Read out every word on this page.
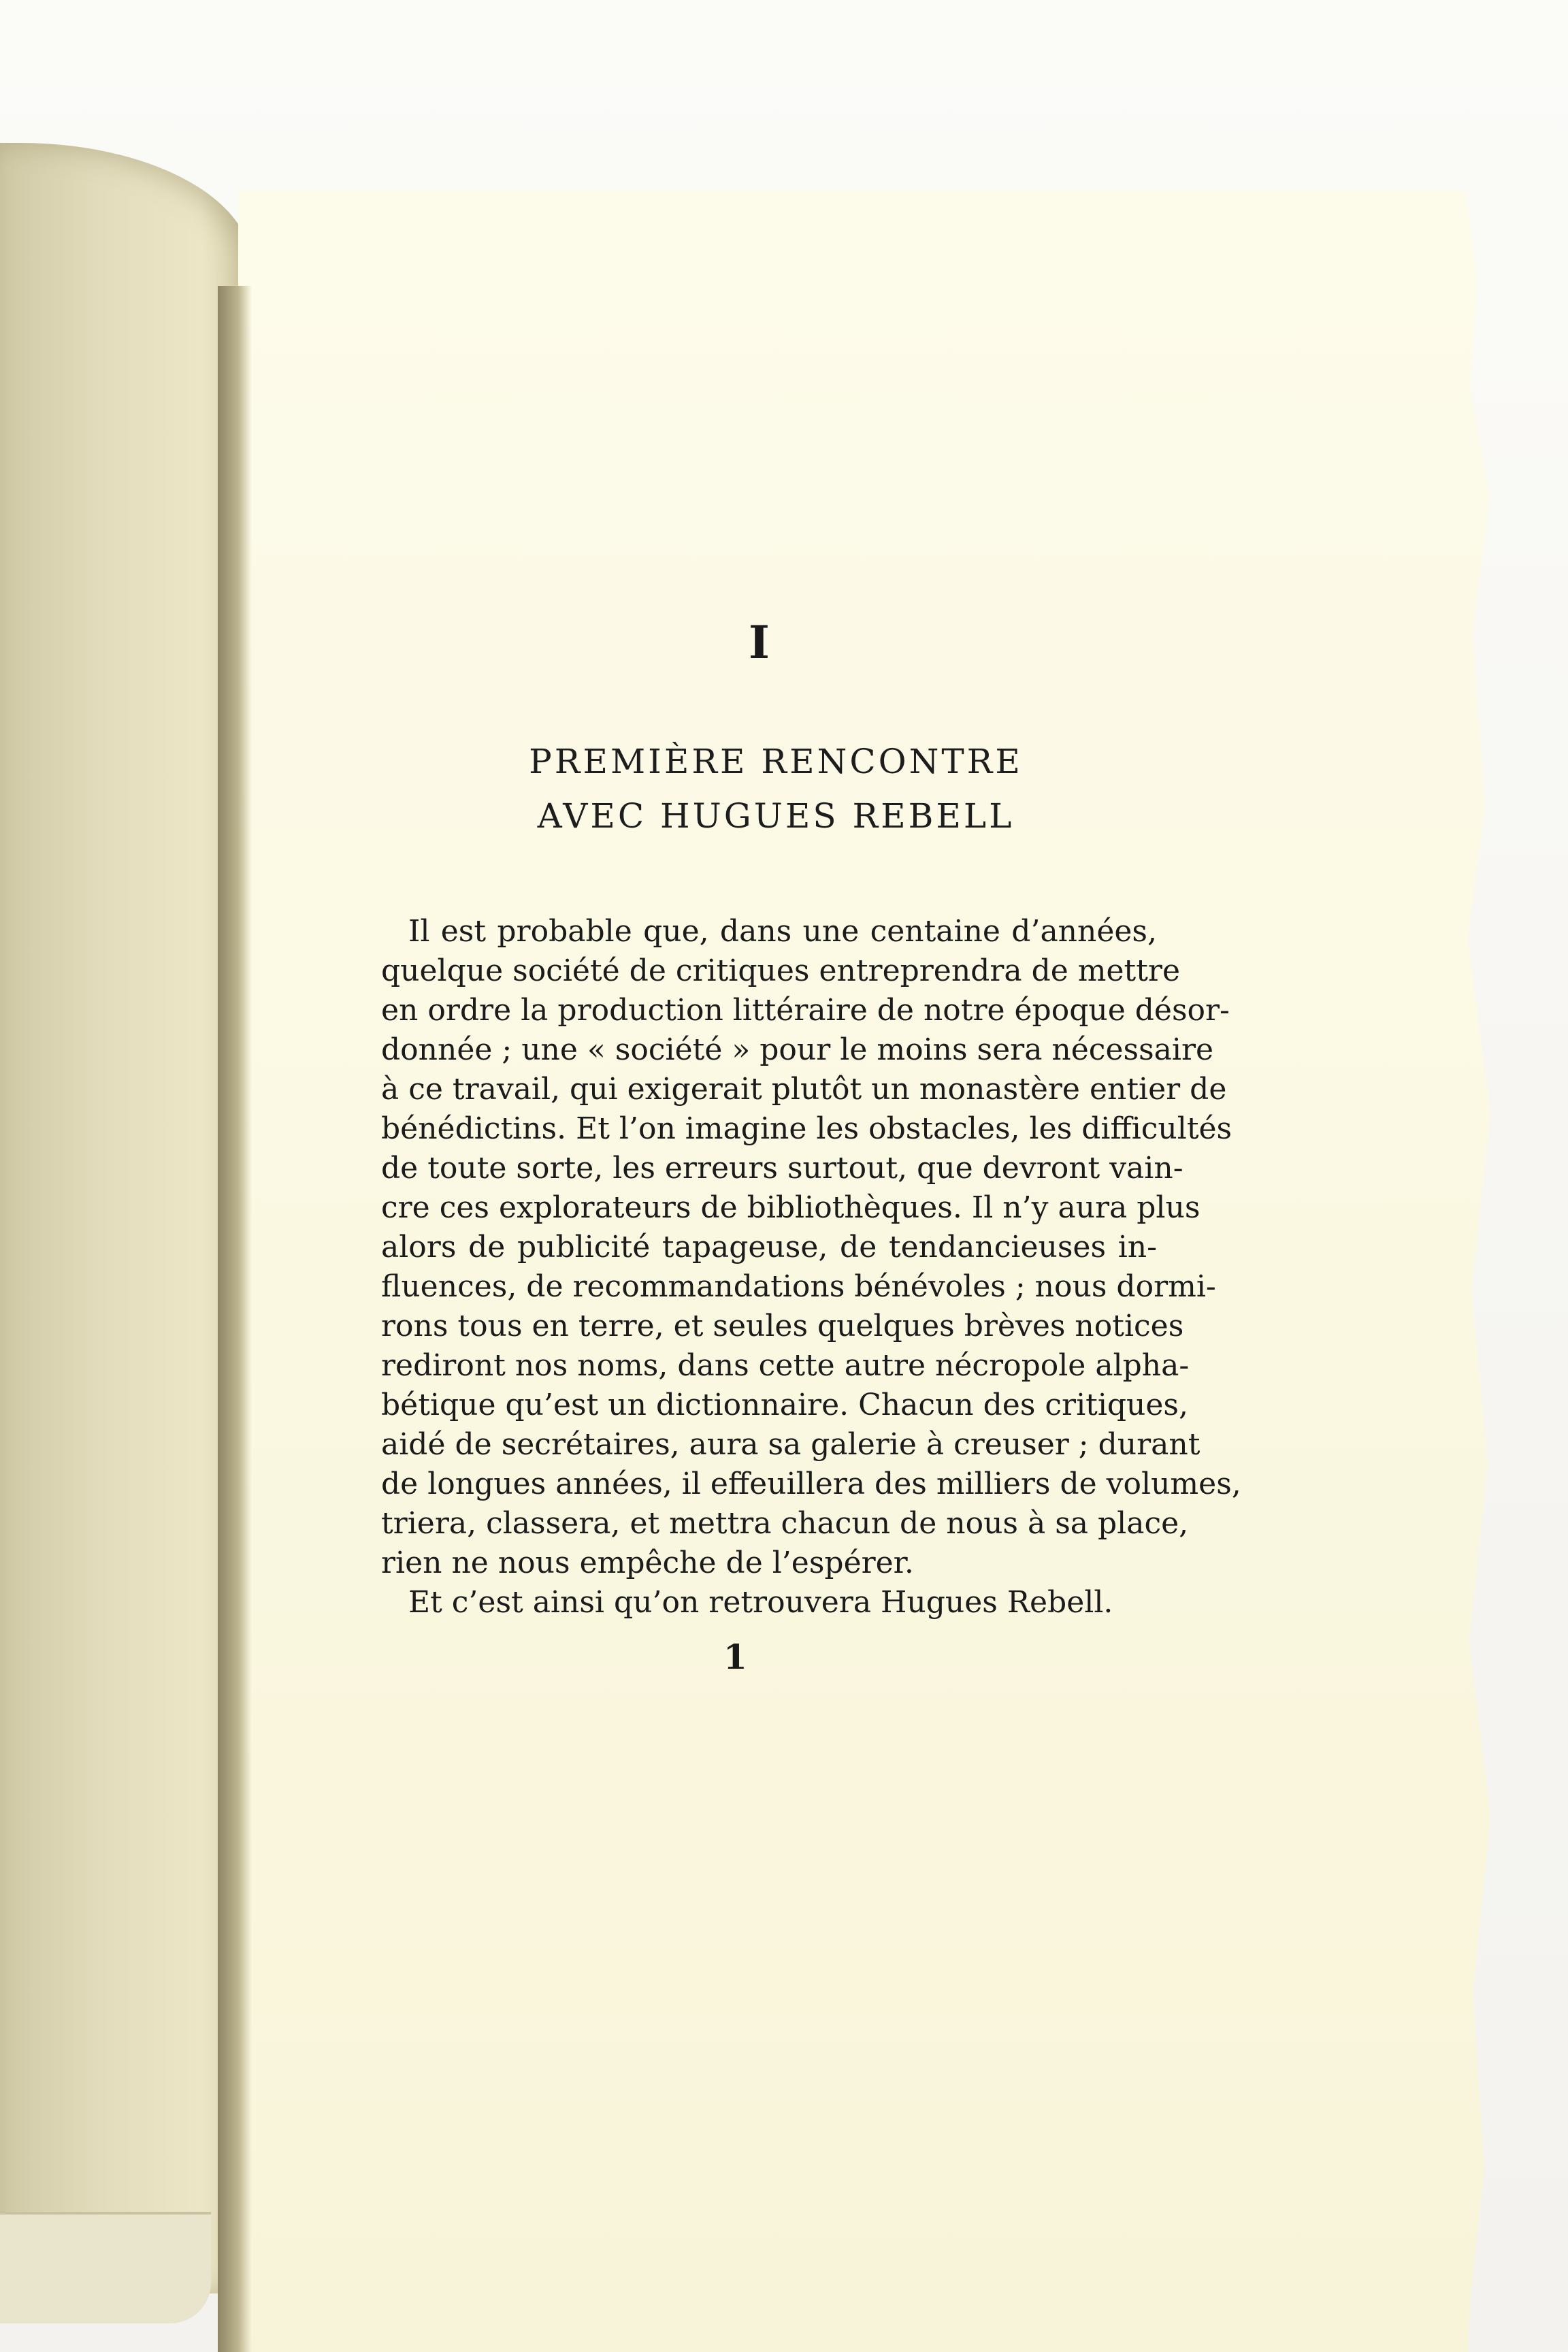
I
PREMIÈRE RENCONTRE
AVEC HUGUES REBELL
Il est probable que, dans une centaine d’années,
quelque société de critiques entreprendra de mettre
en ordre la production littéraire de notre époque désor-
donnée ; une « société » pour le moins sera nécessaire
à ce travail, qui exigerait plutôt un monastère entier de
bénédictins. Et l’on imagine les obstacles, les difficultés
de toute sorte, les erreurs surtout, que devront vain-
cre ces explorateurs de bibliothèques. Il n’y aura plus
alors de publicité tapageuse, de tendancieuses in-
fluences, de recommandations bénévoles ; nous dormi-
rons tous en terre, et seules quelques brèves notices
rediront nos noms, dans cette autre nécropole alpha-
bétique qu’est un dictionnaire. Chacun des critiques,
aidé de secrétaires, aura sa galerie à creuser ; durant
de longues années, il effeuillera des milliers de volumes,
triera, classera, et mettra chacun de nous à sa place,
rien ne nous empêche de l’espérer.
Et c’est ainsi qu’on retrouvera Hugues Rebell.
1
